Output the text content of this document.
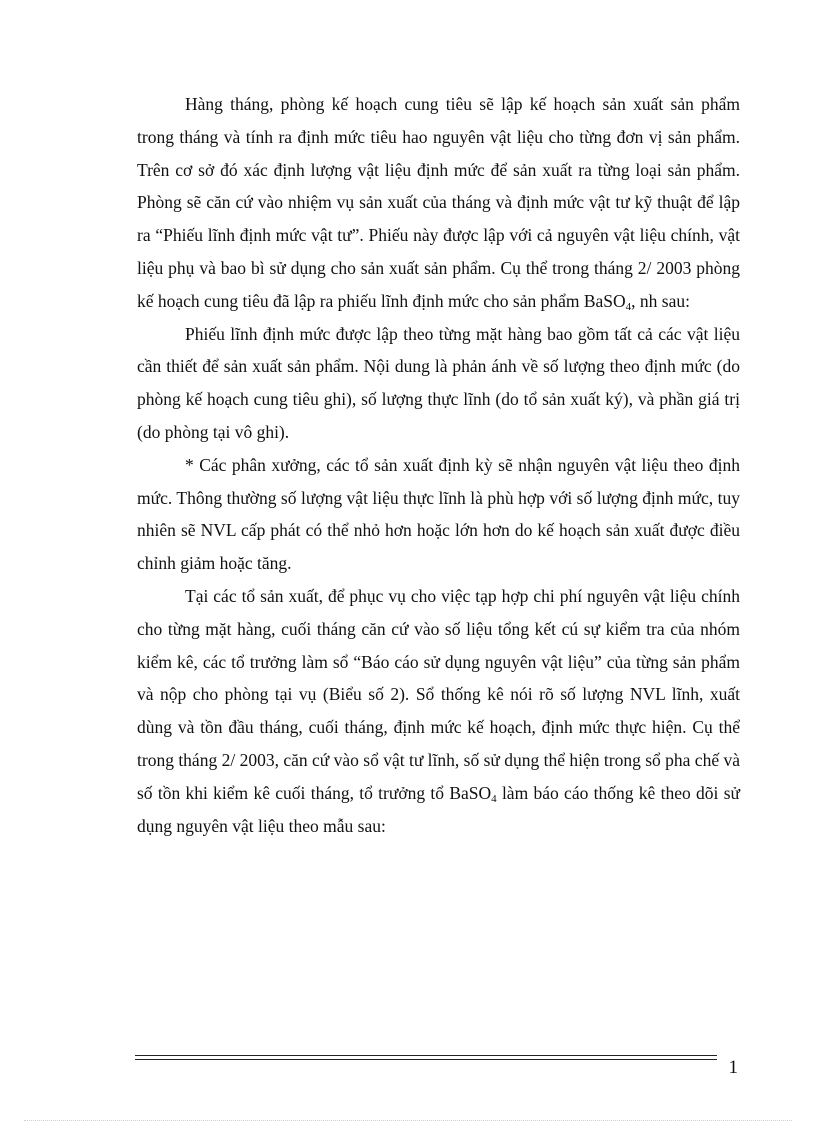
Hàng tháng, phòng kế hoạch cung tiêu sẽ lập kế hoạch sản xuất sản phẩm trong tháng và tính ra định mức tiêu hao nguyên vật liệu cho từng đơn vị sản phẩm. Trên cơ sở đó xác định lượng vật liệu định mức để sản xuất ra từng loại sản phẩm. Phòng sẽ căn cứ vào nhiệm vụ sản xuất của tháng và định mức vật tư kỹ thuật để lập ra “Phiếu lĩnh định mức vật tư”. Phiếu này được lập với cả nguyên vật liệu chính, vật liệu phụ và bao bì sử dụng cho sản xuất sản phẩm. Cụ thể trong tháng 2/ 2003 phòng kế hoạch cung tiêu đã lập ra phiếu lĩnh định mức cho sản phẩm BaSO$_4$, nh sau:

Phiếu lĩnh định mức được lập theo từng mặt hàng bao gồm tất cả các vật liệu cần thiết để sản xuất sản phẩm. Nội dung là phản ánh về số lượng theo định mức (do phòng kế hoạch cung tiêu ghi), số lượng thực lĩnh (do tổ sản xuất ký), và phần giá trị (do phòng tại vô ghi).

* Các phân xưởng, các tổ sản xuất định kỳ sẽ nhận nguyên vật liệu theo định mức. Thông thường số lượng vật liệu thực lĩnh là phù hợp với số lượng định mức, tuy nhiên sẽ NVL cấp phát có thể nhỏ hơn hoặc lớn hơn do kế hoạch sản xuất được điều chỉnh giảm hoặc tăng.

Tại các tổ sản xuất, để phục vụ cho việc tạp hợp chi phí nguyên vật liệu chính cho từng mặt hàng, cuối tháng căn cứ vào số liệu tổng kết cú sự kiểm tra của nhóm kiểm kê, các tổ trưởng làm sổ “Báo cáo sử dụng nguyên vật liệu” của từng sản phẩm và nộp cho phòng tại vụ (Biểu số 2). Sổ thống kê nói rõ số lượng NVL lĩnh, xuất dùng và tồn đầu tháng, cuối tháng, định mức kế hoạch, định mức thực hiện. Cụ thể trong tháng 2/ 2003, căn cứ vào sổ vật tư lĩnh, số sử dụng thể hiện trong sổ pha chế và số tồn khi kiểm kê cuối tháng, tổ trưởng tổ BaSO$_4$ làm báo cáo thống kê theo dõi sử dụng nguyên vật liệu theo mẫu sau:

1
